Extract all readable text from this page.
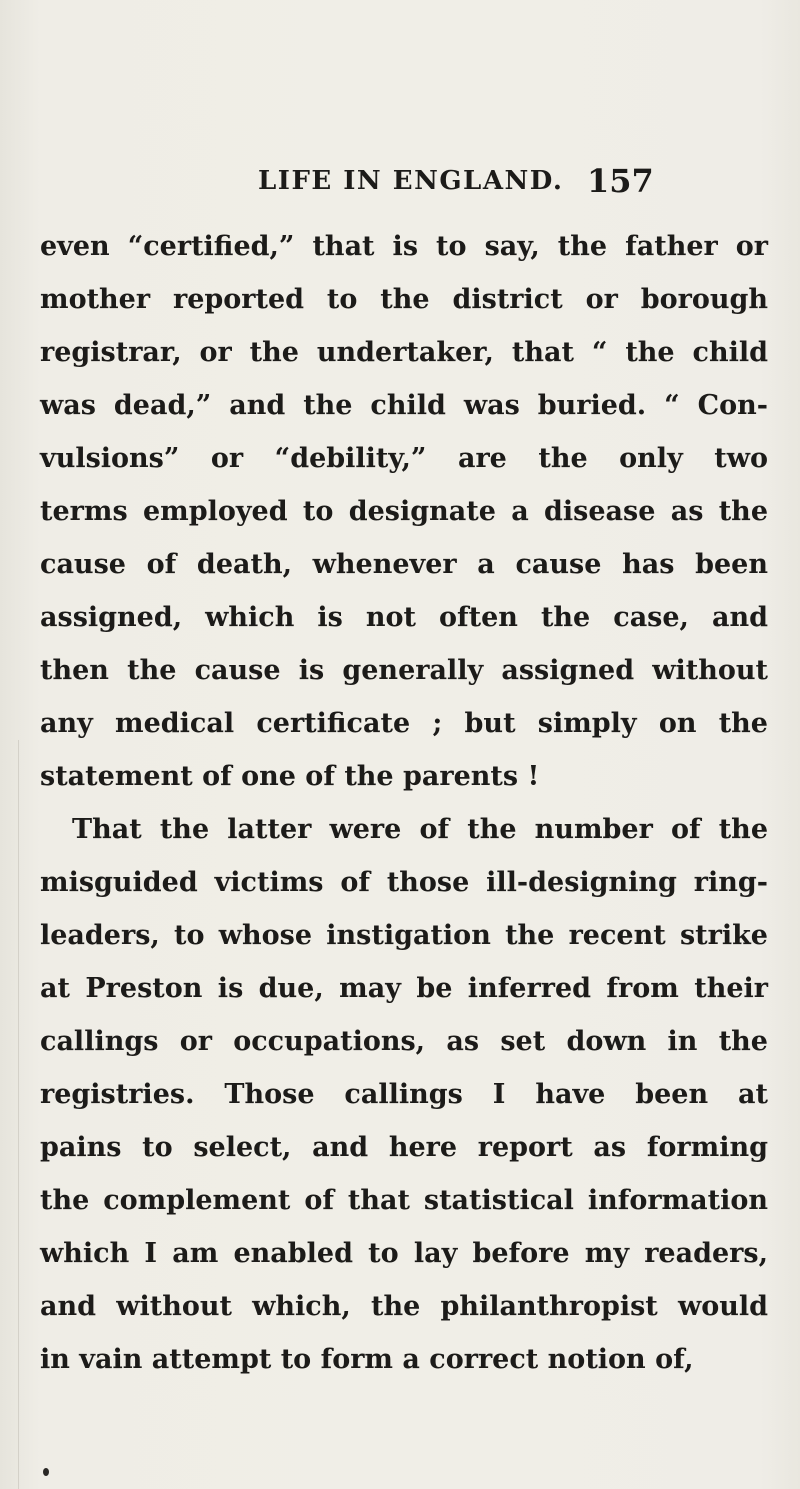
LIFE IN ENGLAND. 157
even “certified,” that is to say, the father or
mother reported to the district or borough
registrar, or the undertaker, that “ the child
was dead,” and the child was buried. “ Con-
vulsions” or “debility,” are the only two
terms employed to designate a disease as the
cause of death, whenever a cause has been
assigned, which is not often the case, and
then the cause is generally assigned without
any medical certificate ; but simply on the
statement of one of the parents !
That the latter were of the number of the
misguided victims of those ill-designing ring-
leaders, to whose instigation the recent strike
at Preston is due, may be inferred from their
callings or occupations, as set down in the
registries. Those callings I have been at
pains to select, and here report as forming
the complement of that statistical information
which I am enabled to lay before my readers,
and without which, the philanthropist would
in vain attempt to form a correct notion of,
